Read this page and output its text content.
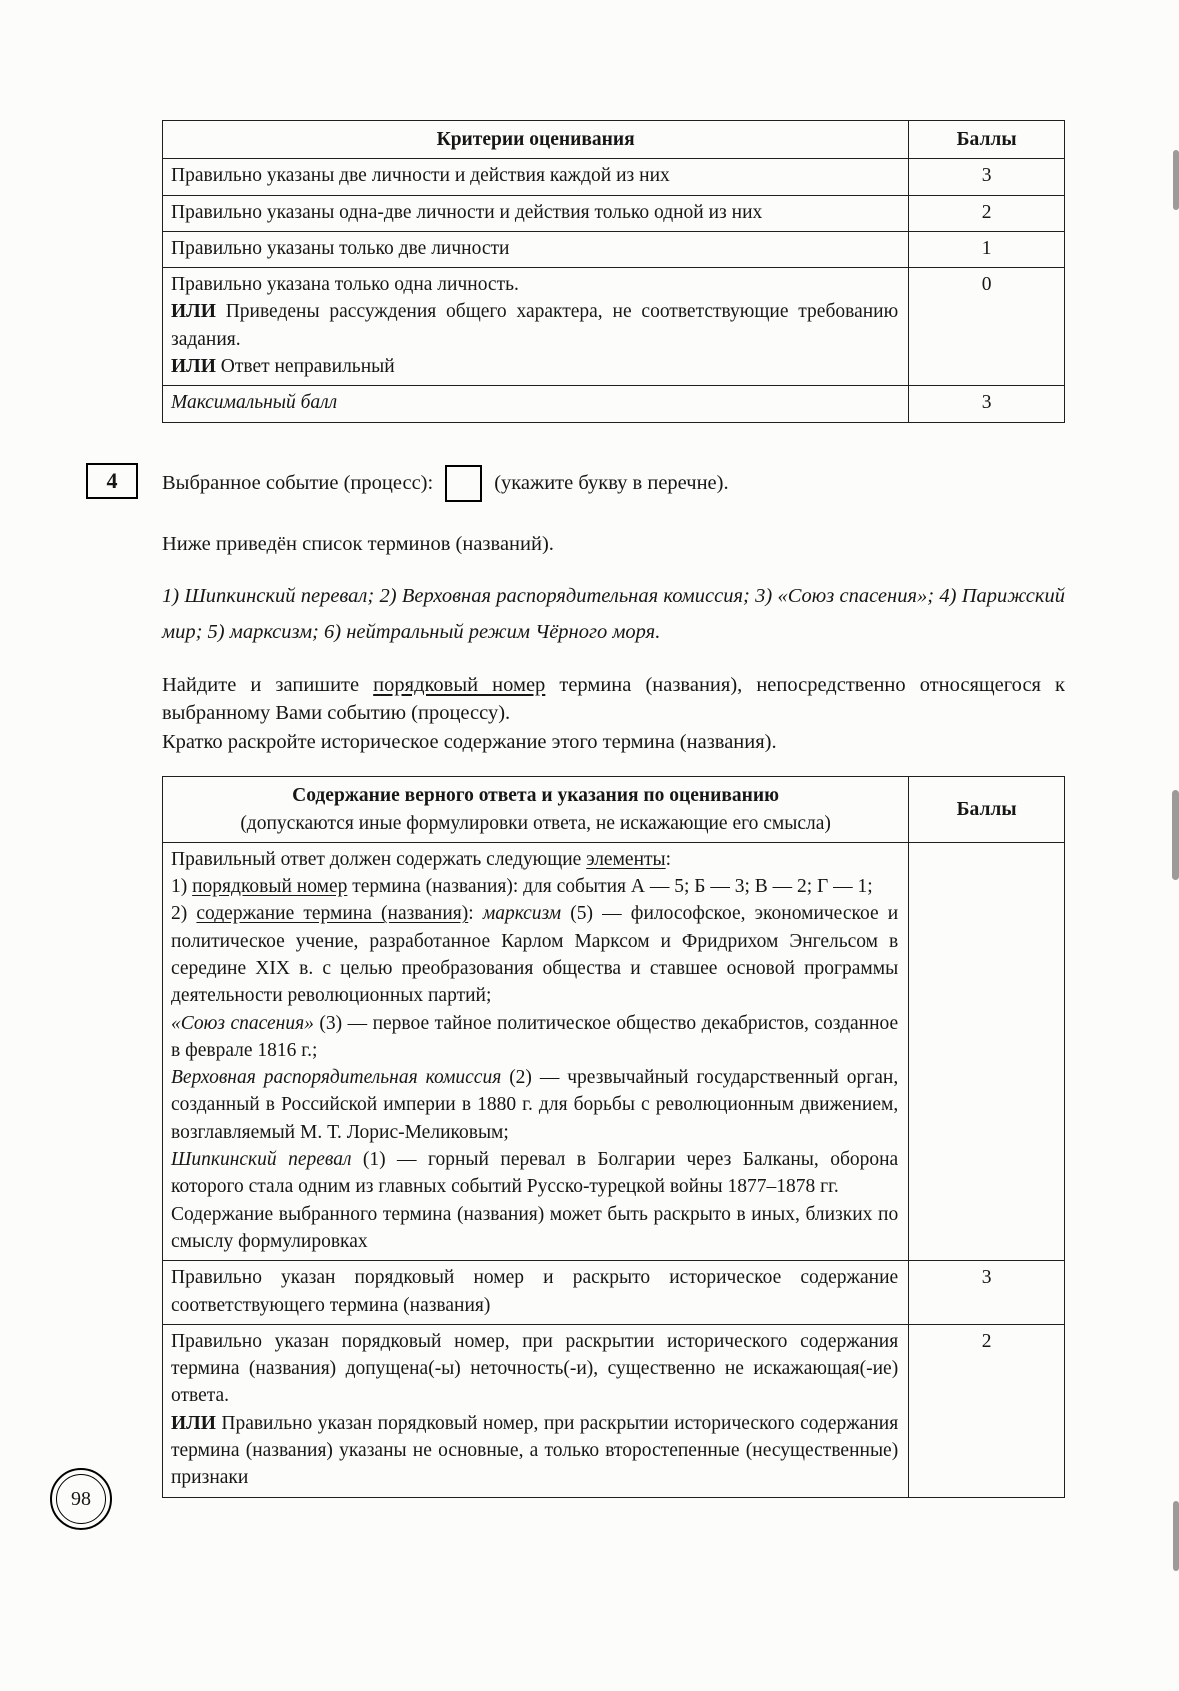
Критерии оценивания	Баллы

Правильно указаны две личности и действия каждой из них	3

Правильно указаны одна-две личности и действия только одной из них	2

Правильно указаны только две личности	1

Правильно указана только одна личность.
ИЛИ Приведены рассуждения общего характера, не соответствующие требованию задания.
ИЛИ Ответ неправильный	0
Максимальный балл	3
4	Выбранное событие (процесс):	(укажите букву в перечне).
Ниже приведён список терминов (названий).
1) Шипкинский перевал; 2) Верховная распорядительная комиссия; 3) «Союз спасения»; 4) Парижский мир; 5) марксизм; 6) нейтральный режим Чёрного моря.
Найдите и запишите порядковый номер термина (названия), непосредственно относящегося к выбранному Вами событию (процессу).
Кратко раскройте историческое содержание этого термина (названия).
Содержание верного ответа и указания по оцениванию
(допускаются иные формулировки ответа, не искажающие его смысла)	Баллы

Правильный ответ должен содержать следующие элементы:
1) порядковый номер термина (названия): для события А — 5; Б — 3; В — 2; Г — 1;
2) содержание термина (названия): марксизм (5) — философское, экономическое и политическое учение, разработанное Карлом Марксом и Фридрихом Энгельсом в середине XIX в. с целью преобразования общества и ставшее основой программы деятельности революционных партий;
«Союз спасения» (3) — первое тайное политическое общество декабристов, созданное в феврале 1816 г.;
Верховная распорядительная комиссия (2) — чрезвычайный государственный орган, созданный в Российской империи в 1880 г. для борьбы с революционным движением, возглавляемый М. Т. Лорис-Меликовым;
Шипкинский перевал (1) — горный перевал в Болгарии через Балканы, оборона которого стала одним из главных событий Русско-турецкой войны 1877–1878 гг.
Содержание выбранного термина (названия) может быть раскрыто в иных, близких по смыслу формулировках

Правильно указан порядковый номер и раскрыто историческое содержание соответствующего термина (названия)	3

Правильно указан порядковый номер, при раскрытии исторического содержания термина (названия) допущена(-ы) неточность(-и), существенно не искажающая(-ие) ответа.
ИЛИ Правильно указан порядковый номер, при раскрытии исторического содержания термина (названия) указаны не основные, а только второстепенные (несущественные) признаки	2
98
